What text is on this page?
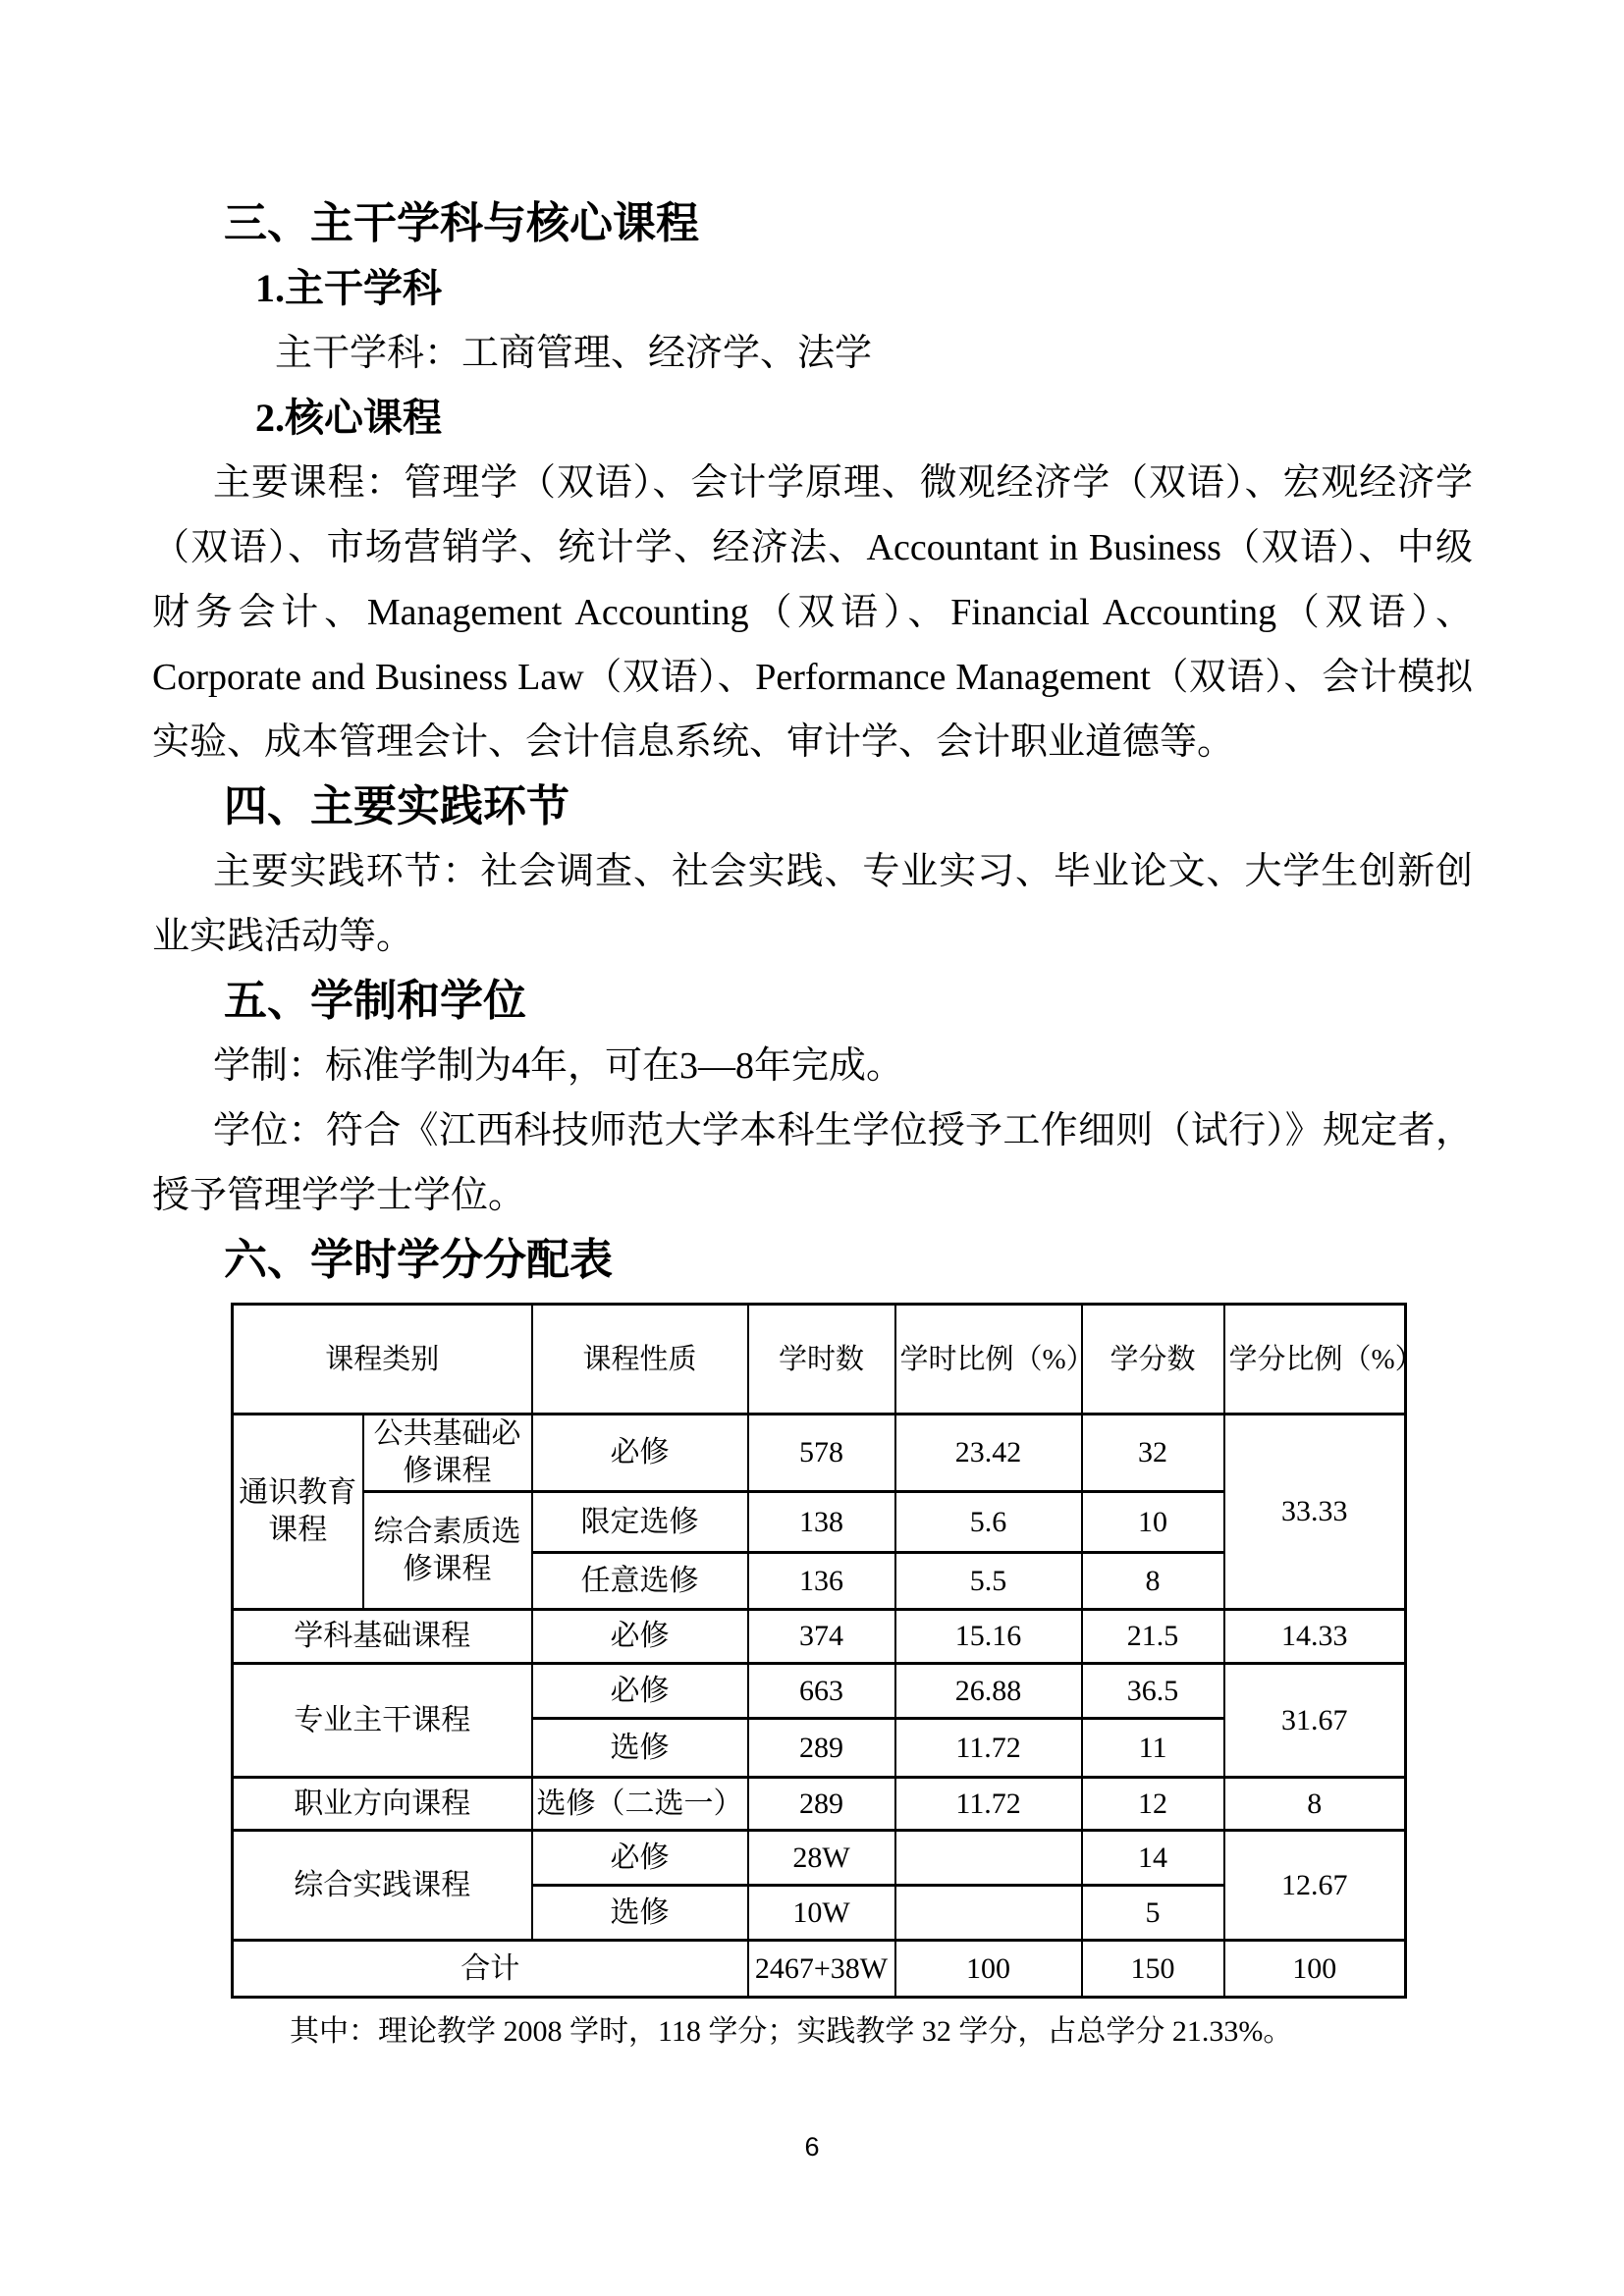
三、主干学科与核心课程

1.主干学科

主干学科：工商管理、经济学、法学

2.核心课程

主要课程：管理学（双语）、会计学原理、微观经济学（双语）、宏观经济学（双语）、市场营销学、统计学、经济法、Accountant in Business（双语）、中级财务会计、Management Accounting（双语）、Financial Accounting（双语）、Corporate and Business Law（双语）、Performance Management（双语）、会计模拟实验、成本管理会计、会计信息系统、审计学、会计职业道德等。

四、主要实践环节

主要实践环节：社会调查、社会实践、专业实习、毕业论文、大学生创新创业实践活动等。

五、学制和学位

学制：标准学制为4年，可在3—8年完成。

学位：符合《江西科技师范大学本科生学位授予工作细则（试行）》规定者，授予管理学学士学位。

六、学时学分分配表

课程类别		课程性质	学时数	学时比例（%）	学分数	学分比例（%）
通识教育课程	公共基础必修课程	必修	578	23.42	32	33.33
	综合素质选修课程	限定选修	138	5.6	10	
		任意选修	136	5.5	8	
学科基础课程		必修	374	15.16	21.5	14.33
专业主干课程		必修	663	26.88	36.5	31.67
		选修	289	11.72	11	
职业方向课程		选修（二选一）	289	11.72	12	8
综合实践课程		必修	28W		14	12.67
		选修	10W		5	
合计			2467+38W	100	150	100

其中：理论教学 2008 学时，118 学分；实践教学 32 学分，占总学分 21.33%。

6
